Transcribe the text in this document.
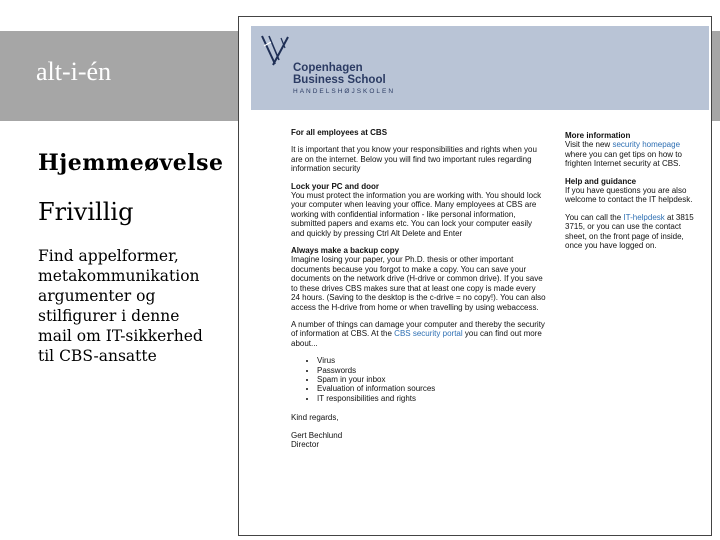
alt-i-én
Hjemmeøvelse
Frivillig
Find appelformer,
metakommunikation
argumenter og
stilfigurer i denne
mail om IT-sikkerhed
til CBS-ansatte
Copenhagen
Business School
HANDELSHØJSKOLEN
For all employees at CBS
It is important that you know your responsibilities and rights when you are on the internet. Below you will find two important rules regarding information security
Lock your PC and door
You must protect the information you are working with. You should lock your computer when leaving your office. Many employees at CBS are working with confidential information - like personal information, submitted papers and exams etc. You can lock your computer easily and quickly by pressing Ctrl Alt Delete and Enter
Always make a backup copy
Imagine losing your paper, your Ph.D. thesis or other important documents because you forgot to make a copy. You can save your documents on the network drive (H-drive or common drive). If you save to these drives CBS makes sure that at least one copy is made every 24 hours. (Saving to the desktop is the c-drive = no copy!). You can also access the H-drive from home or when travelling by using webaccess.
A number of things can damage your computer and thereby the security of information at CBS. At the CBS security portal you can find out more about...
• Virus
• Passwords
• Spam in your inbox
• Evaluation of information sources
• IT responsibilities and rights
Kind regards,
Gert Bechlund
Director
More information
Visit the new security homepage where you can get tips on how to frighten Internet security at CBS.
Help and guidance
If you have questions you are also welcome to contact the IT helpdesk.
You can call the IT-helpdesk at 3815 3715, or you can use the contact sheet, on the front page of inside, once you have logged on.
